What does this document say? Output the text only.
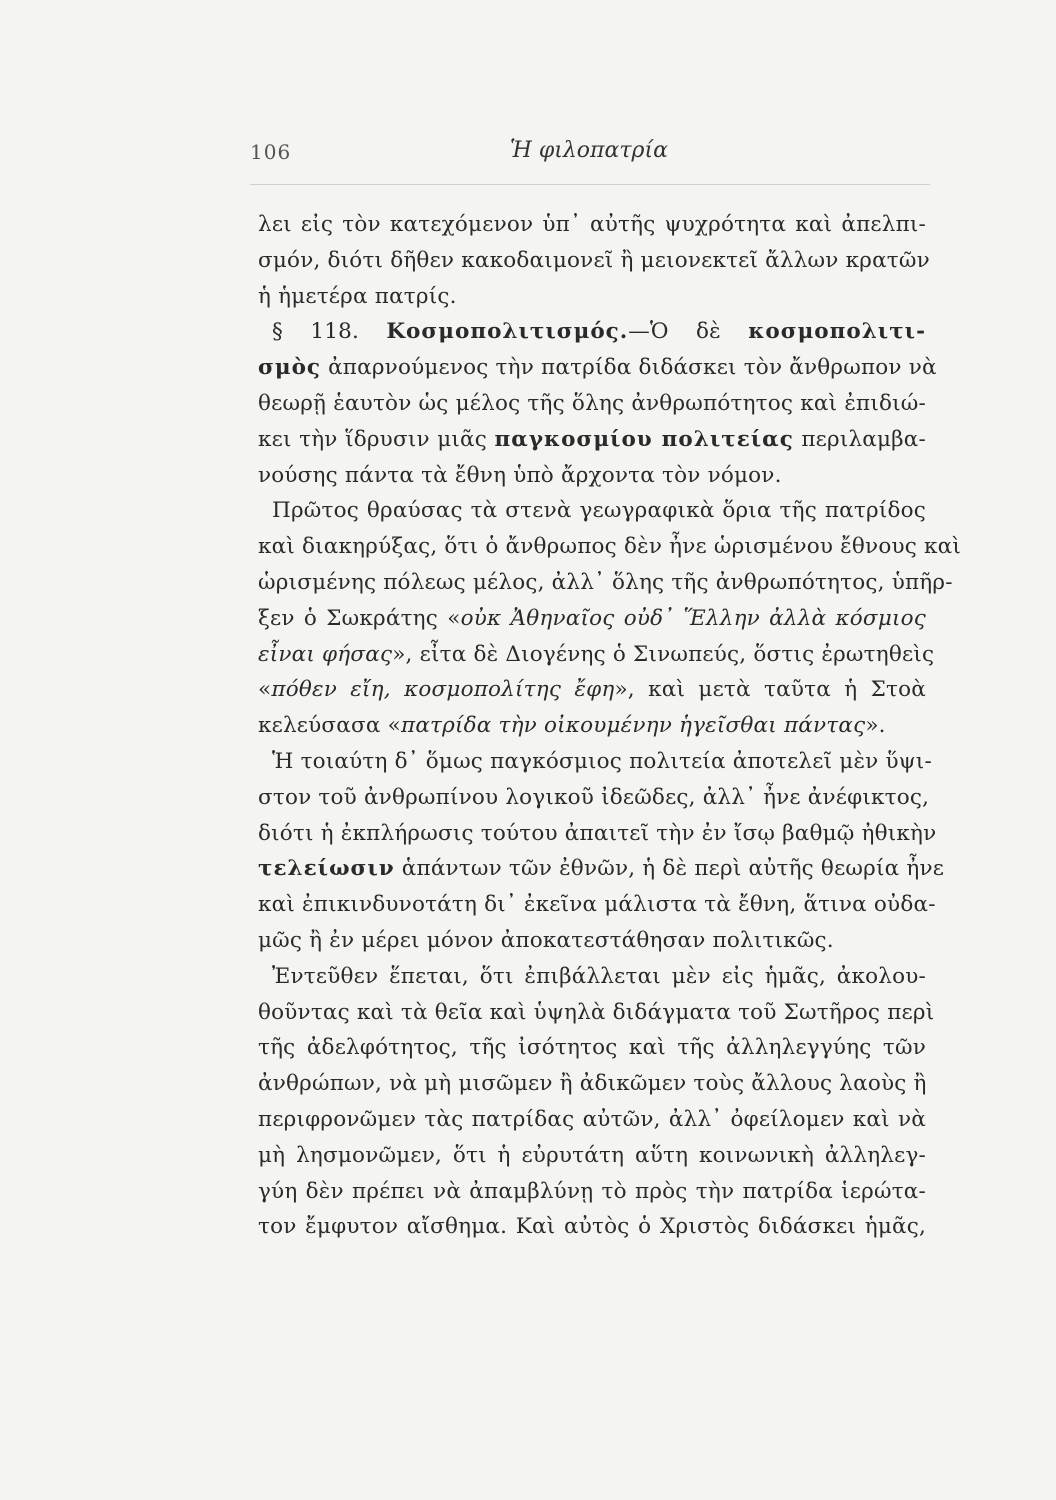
106	Ἡ φιλοπατρία
λει εἰς τὸν κατεχόμενον ὑπ᾽ αὐτῆς ψυχρότητα καὶ ἀπελπι-
σμόν, διότι δῆθεν κακοδαιμονεῖ ἢ μειονεκτεῖ ἄλλων κρατῶν
ἡ ἡμετέρα πατρίς.
§ 118. Κοσμοπολιτισμός.—Ὁ δὲ κοσμοπολιτι-
σμὸς ἀπαρνούμενος τὴν πατρίδα διδάσκει τὸν ἄνθρωπον νὰ
θεωρῇ ἑαυτὸν ὡς μέλος τῆς ὅλης ἀνθρωπότητος καὶ ἐπιδιώ-
κει τὴν ἵδρυσιν μιᾶς παγκοσμίου πολιτείας περιλαμβα-
νούσης πάντα τὰ ἔθνη ὑπὸ ἄρχοντα τὸν νόμον.
Πρῶτος θραύσας τὰ στενὰ γεωγραφικὰ ὅρια τῆς πατρίδος
καὶ διακηρύξας, ὅτι ὁ ἄνθρωπος δὲν ἦνε ὡρισμένου ἔθνους καὶ
ὡρισμένης πόλεως μέλος, ἀλλ᾽ ὅλης τῆς ἀνθρωπότητος, ὑπῆρ-
ξεν ὁ Σωκράτης «οὐκ Ἀθηναῖος οὐδ᾽ Ἕλλην ἀλλὰ κόσμιος
εἶναι φήσας», εἶτα δὲ Διογένης ὁ Σινωπεύς, ὅστις ἐρωτηθεὶς
«πόθεν εἴη, κοσμοπολίτης ἔφη», καὶ μετὰ ταῦτα ἡ Στοὰ
κελεύσασα «πατρίδα τὴν οἰκουμένην ἡγεῖσθαι πάντας».
Ἡ τοιαύτη δ᾽ ὅμως παγκόσμιος πολιτεία ἀποτελεῖ μὲν ὕψι-
στον τοῦ ἀνθρωπίνου λογικοῦ ἰδεῶδες, ἀλλ᾽ ἦνε ἀνέφικτος,
διότι ἡ ἐκπλήρωσις τούτου ἀπαιτεῖ τὴν ἐν ἴσῳ βαθμῷ ἠθικὴν
τελείωσιν ἁπάντων τῶν ἐθνῶν, ἡ δὲ περὶ αὐτῆς θεωρία ἦνε
καὶ ἐπικινδυνοτάτη δι᾽ ἐκεῖνα μάλιστα τὰ ἔθνη, ἅτινα οὐδα-
μῶς ἢ ἐν μέρει μόνον ἀποκατεστάθησαν πολιτικῶς.
Ἐντεῦθεν ἕπεται, ὅτι ἐπιβάλλεται μὲν εἰς ἡμᾶς, ἀκολου-
θοῦντας καὶ τὰ θεῖα καὶ ὑψηλὰ διδάγματα τοῦ Σωτῆρος περὶ
τῆς ἀδελφότητος, τῆς ἰσότητος καὶ τῆς ἀλληλεγγύης τῶν
ἀνθρώπων, νὰ μὴ μισῶμεν ἢ ἀδικῶμεν τοὺς ἄλλους λαοὺς ἢ
περιφρονῶμεν τὰς πατρίδας αὐτῶν, ἀλλ᾽ ὀφείλομεν καὶ νὰ
μὴ λησμονῶμεν, ὅτι ἡ εὐρυτάτη αὕτη κοινωνικὴ ἀλληλεγ-
γύη δὲν πρέπει νὰ ἀπαμβλύνῃ τὸ πρὸς τὴν πατρίδα ἱερώτα-
τον ἔμφυτον αἴσθημα. Καὶ αὐτὸς ὁ Χριστὸς διδάσκει ἡμᾶς,
